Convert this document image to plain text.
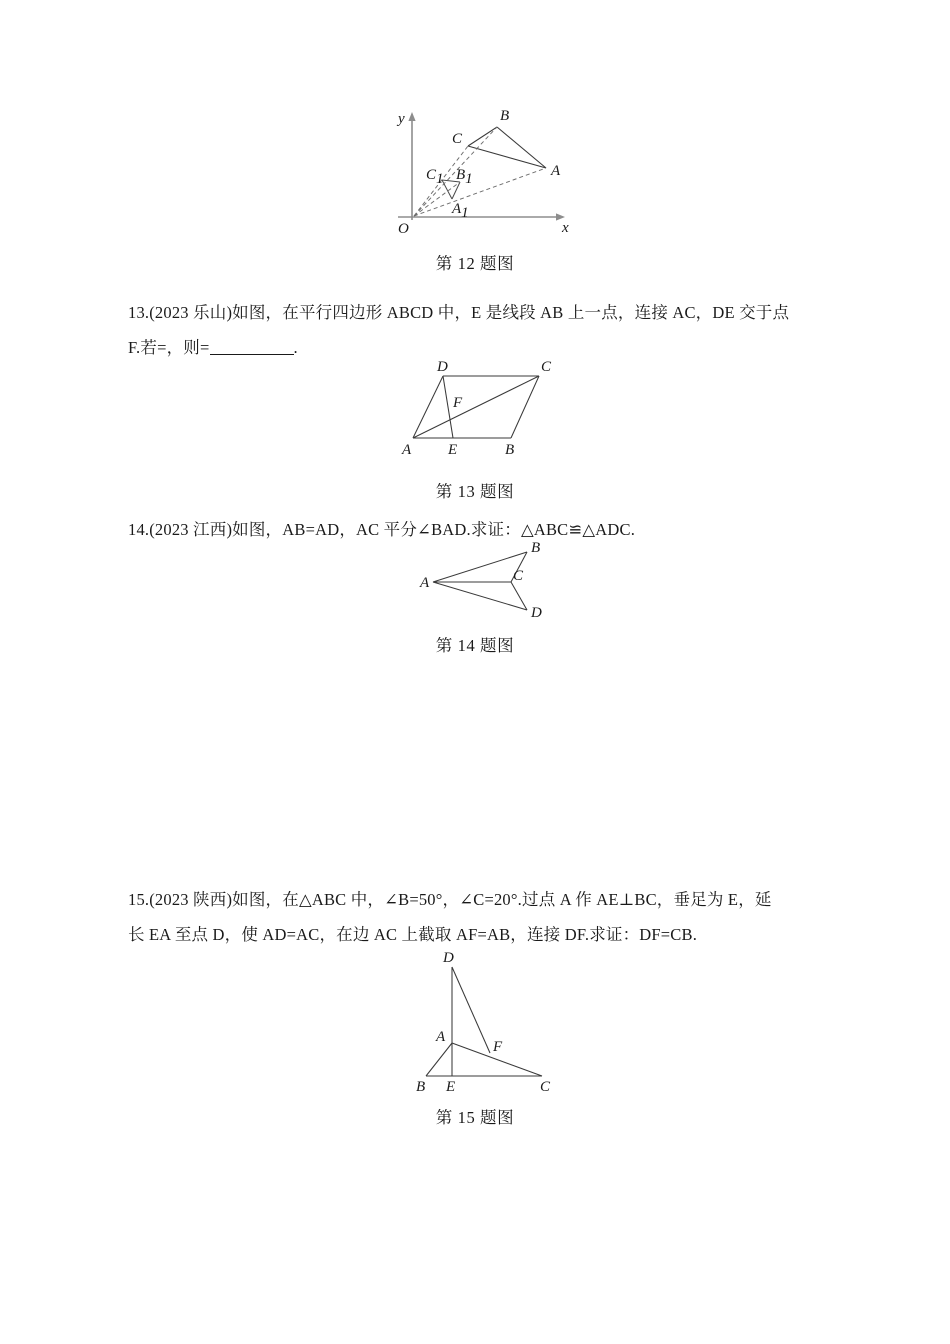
y
x
O
B
C
A
C1 B1
A1
第 12 题图
13.(2023 乐山)如图，在平行四边形 ABCD 中，E 是线段 AB 上一点，连接 AC，DE 交于点
F.若=，则=	.
D	C
F
A E	B
第 13 题图
14.(2023 江西)如图，AB=AD，AC 平分∠BAD.求证：△ABC≌△ADC.
A
B
C
D
第 14 题图
15.(2023 陕西)如图，在△ABC 中，∠B=50°，∠C=20°.过点 A 作 AE⊥BC，垂足为 E，延
长 EA 至点 D，使 AD=AC，在边 AC 上截取 AF=AB，连接 DF.求证：DF=CB.
D
A
F
B E	C
第 15 题图
